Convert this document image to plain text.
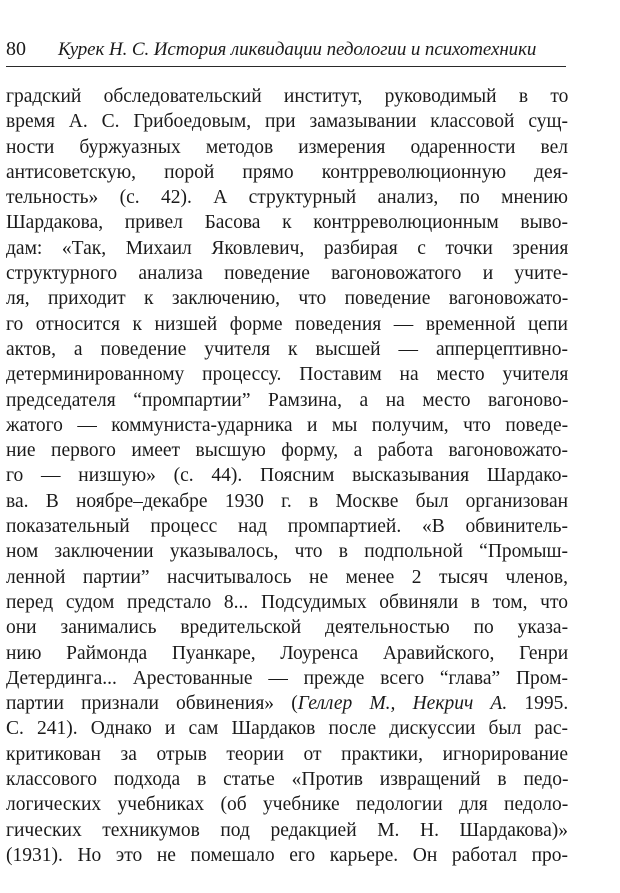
80 Курек Н. С. История ликвидации педологии и психотехники
градский обследовательский институт, руководимый в то
время А. С. Грибоедовым, при замазывании классовой сущ-
ности буржуазных методов измерения одаренности вел
антисоветскую, порой прямо контрреволюционную дея-
тельность» (с. 42). А структурный анализ, по мнению
Шардакова, привел Басова к контрреволюционным выво-
дам: «Так, Михаил Яковлевич, разбирая с точки зрения
структурного анализа поведение вагоновожатого и учите-
ля, приходит к заключению, что поведение вагоновожато-
го относится к низшей форме поведения — временной цепи
актов, а поведение учителя к высшей — апперцептивно-
детерминированному процессу. Поставим на место учителя
председателя “промпартии” Рамзина, а на место вагоново-
жатого — коммуниста-ударника и мы получим, что поведе-
ние первого имеет высшую форму, а работа вагоновожато-
го — низшую» (с. 44). Поясним высказывания Шардако-
ва. В ноябре–декабре 1930 г. в Москве был организован
показательный процесс над промпартией. «В обвинитель-
ном заключении указывалось, что в подпольной “Промыш-
ленной партии” насчитывалось не менее 2 тысяч членов,
перед судом предстало 8... Подсудимых обвиняли в том, что
они занимались вредительской деятельностью по указа-
нию Раймонда Пуанкаре, Лоуренса Аравийского, Генри
Детердинга... Арестованные — прежде всего “глава” Пром-
партии признали обвинения» (Геллер М., Некрич А. 1995.
С. 241). Однако и сам Шардаков после дискуссии был рас-
критикован за отрыв теории от практики, игнорирование
классового подхода в статье «Против извращений в педо-
логических учебниках (об учебнике педологии для педоло-
гических техникумов под редакцией М. Н. Шардакова)»
(1931). Но это не помешало его карьере. Он работал про-
